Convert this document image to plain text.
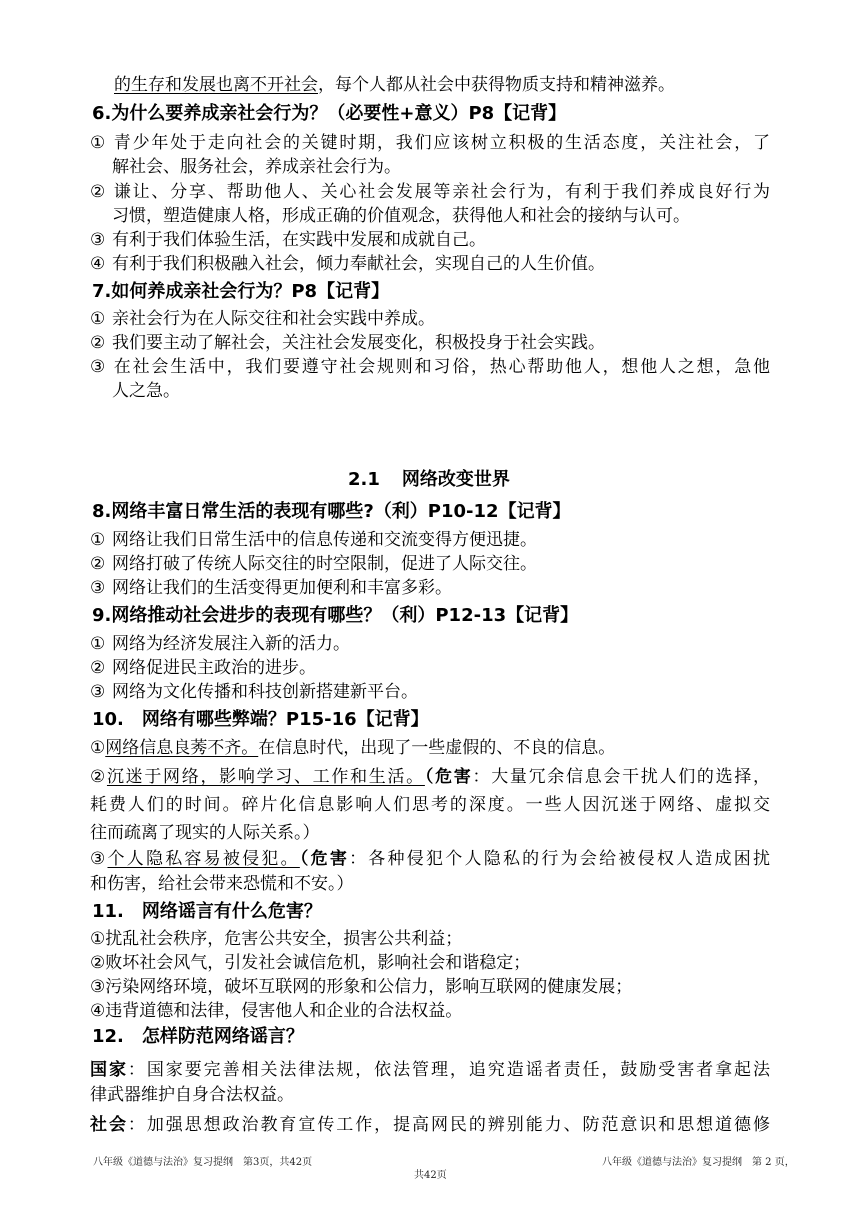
的生存和发展也离不开社会，每个人都从社会中获得物质支持和精神滋养。
6.为什么要养成亲社会行为？（必要性+意义）P8【记背】
① 青少年处于走向社会的关键时期，我们应该树立积极的生活态度，关注社会，了
解社会、服务社会，养成亲社会行为。
② 谦让、分享、帮助他人、关心社会发展等亲社会行为，有利于我们养成良好行为
习惯，塑造健康人格，形成正确的价值观念，获得他人和社会的接纳与认可。
③ 有利于我们体验生活，在实践中发展和成就自己。
④ 有利于我们积极融入社会，倾力奉献社会，实现自己的人生价值。
7.如何养成亲社会行为？P8【记背】
① 亲社会行为在人际交往和社会实践中养成。
② 我们要主动了解社会，关注社会发展变化，积极投身于社会实践。
③ 在社会生活中，我们要遵守社会规则和习俗，热心帮助他人，想他人之想，急他
人之急。
2.1 网络改变世界
8.网络丰富日常生活的表现有哪些?（利）P10-12【记背】
① 网络让我们日常生活中的信息传递和交流变得方便迅捷。
② 网络打破了传统人际交往的时空限制，促进了人际交往。
③ 网络让我们的生活变得更加便利和丰富多彩。
9.网络推动社会进步的表现有哪些？（利）P12-13【记背】
① 网络为经济发展注入新的活力。
② 网络促进民主政治的进步。
③ 网络为文化传播和科技创新搭建新平台。
10.　网络有哪些弊端？P15-16【记背】
①网络信息良莠不齐。在信息时代，出现了一些虚假的、不良的信息。
②沉迷于网络，影响学习、工作和生活。（危害：大量冗余信息会干扰人们的选择，
耗费人们的时间。碎片化信息影响人们思考的深度。一些人因沉迷于网络、虚拟交
往而疏离了现实的人际关系。）
③个人隐私容易被侵犯。（危害：各种侵犯个人隐私的行为会给被侵权人造成困扰
和伤害，给社会带来恐慌和不安。）
11.　网络谣言有什么危害？
①扰乱社会秩序，危害公共安全，损害公共利益；
②败坏社会风气，引发社会诚信危机，影响社会和谐稳定；
③污染网络环境，破坏互联网的形象和公信力，影响互联网的健康发展；
④违背道德和法律，侵害他人和企业的合法权益。
12.　怎样防范网络谣言？
国家：国家要完善相关法律法规，依法管理，追究造谣者责任，鼓励受害者拿起法
律武器维护自身合法权益。
社会：加强思想政治教育宣传工作，提高网民的辨别能力、防范意识和思想道德修
八年级《道德与法治》复习提纲　第3页，共42页	八年级《道德与法治》复习提纲　第 2 页，
共42页
